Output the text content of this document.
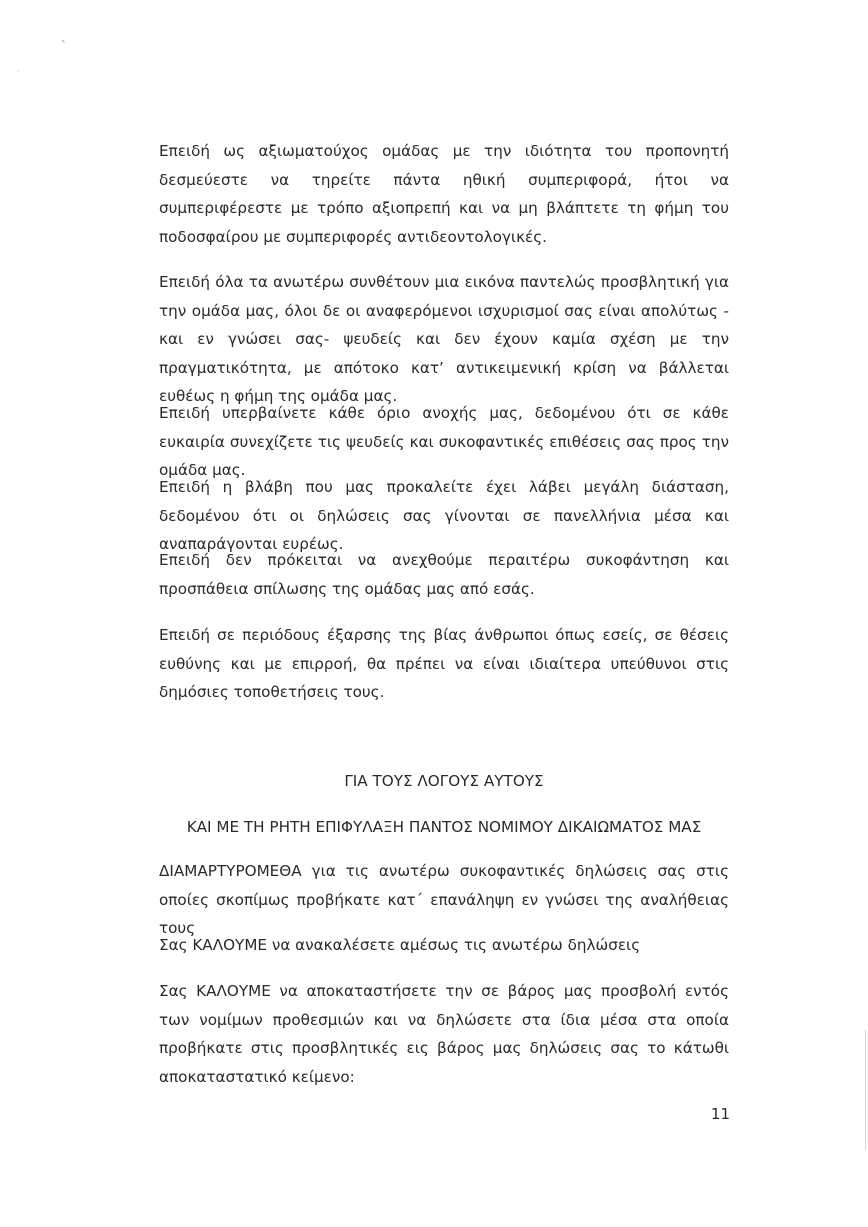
`
·

Επειδή ως αξιωματούχος ομάδας με την ιδιότητα του προπονητή δεσμεύεστε να τηρείτε πάντα ηθική συμπεριφορά, ήτοι να συμπεριφέρεστε με τρόπο αξιοπρεπή και να μη βλάπτετε τη φήμη του ποδοσφαίρου με συμπεριφορές αντιδεοντολογικές.

Επειδή όλα τα ανωτέρω συνθέτουν μια εικόνα παντελώς προσβλητική για την ομάδα μας, όλοι δε οι αναφερόμενοι ισχυρισμοί σας είναι απολύτως - και εν γνώσει σας- ψευδείς και δεν έχουν καμία σχέση με την πραγματικότητα, με απότοκο κατ’ αντικειμενική κρίση να βάλλεται ευθέως η φήμη της ομάδα μας.

Επειδή υπερβαίνετε κάθε όριο ανοχής μας, δεδομένου ότι σε κάθε ευκαιρία συνεχίζετε τις ψευδείς και συκοφαντικές επιθέσεις σας προς την ομάδα μας.

Επειδή η βλάβη που μας προκαλείτε έχει λάβει μεγάλη διάσταση, δεδομένου ότι οι δηλώσεις σας γίνονται σε πανελλήνια μέσα και αναπαράγονται ευρέως.

Επειδή δεν πρόκειται να ανεχθούμε περαιτέρω συκοφάντηση και προσπάθεια σπίλωσης της ομάδας μας από εσάς.

Επειδή σε περιόδους έξαρσης της βίας άνθρωποι όπως εσείς, σε θέσεις ευθύνης και με επιρροή, θα πρέπει να είναι ιδιαίτερα υπεύθυνοι στις δημόσιες τοποθετήσεις τους.

ΓΙΑ ΤΟΥΣ ΛΟΓΟΥΣ ΑΥΤΟΥΣ

ΚΑΙ ΜΕ ΤΗ ΡΗΤΗ ΕΠΙΦΥΛΑΞΗ ΠΑΝΤΟΣ ΝΟΜΙΜΟΥ ΔΙΚΑΙΩΜΑΤΟΣ ΜΑΣ

ΔΙΑΜΑΡΤΥΡΟΜΕΘΑ για τις ανωτέρω συκοφαντικές δηλώσεις σας στις οποίες σκοπίμως προβήκατε κατ΄ επανάληψη εν γνώσει της αναλήθειας τους

Σας ΚΑΛΟΥΜΕ να ανακαλέσετε αμέσως τις ανωτέρω δηλώσεις

Σας ΚΑΛΟΥΜΕ να αποκαταστήσετε την σε βάρος μας προσβολή εντός των νομίμων προθεσμιών και να δηλώσετε στα ίδια μέσα στα οποία προβήκατε στις προσβλητικές εις βάρος μας δηλώσεις σας το κάτωθι αποκαταστατικό κείμενο:

11
